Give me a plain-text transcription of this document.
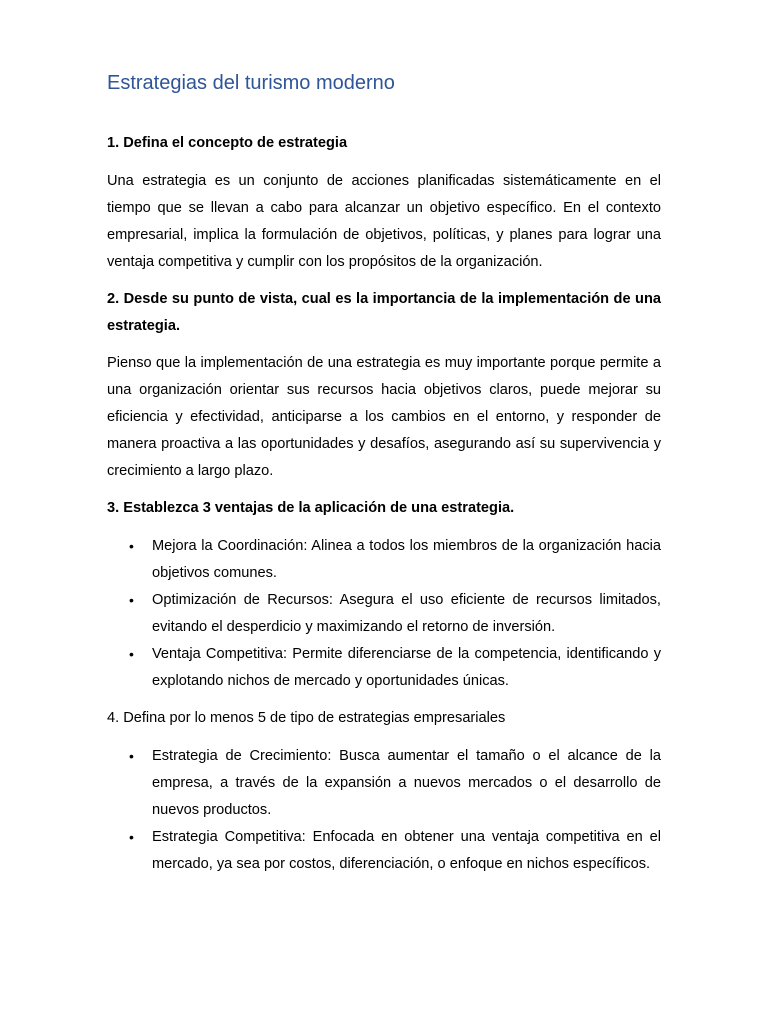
Estrategias del turismo moderno

1. Defina el concepto de estrategia

Una estrategia es un conjunto de acciones planificadas sistemáticamente en el tiempo que se llevan a cabo para alcanzar un objetivo específico. En el contexto empresarial, implica la formulación de objetivos, políticas, y planes para lograr una ventaja competitiva y cumplir con los propósitos de la organización.

2. Desde su punto de vista, cual es la importancia de la implementación de una estrategia.

Pienso que la implementación de una estrategia es muy importante porque permite a una organización orientar sus recursos hacia objetivos claros, puede mejorar su eficiencia y efectividad, anticiparse a los cambios en el entorno, y responder de manera proactiva a las oportunidades y desafíos, asegurando así su supervivencia y crecimiento a largo plazo.

3. Establezca 3 ventajas de la aplicación de una estrategia.

• Mejora la Coordinación: Alinea a todos los miembros de la organización hacia objetivos comunes.
• Optimización de Recursos: Asegura el uso eficiente de recursos limitados, evitando el desperdicio y maximizando el retorno de inversión.
• Ventaja Competitiva: Permite diferenciarse de la competencia, identificando y explotando nichos de mercado y oportunidades únicas.

4. Defina por lo menos 5 de tipo de estrategias empresariales

• Estrategia de Crecimiento: Busca aumentar el tamaño o el alcance de la empresa, a través de la expansión a nuevos mercados o el desarrollo de nuevos productos.
• Estrategia Competitiva: Enfocada en obtener una ventaja competitiva en el mercado, ya sea por costos, diferenciación, o enfoque en nichos específicos.
